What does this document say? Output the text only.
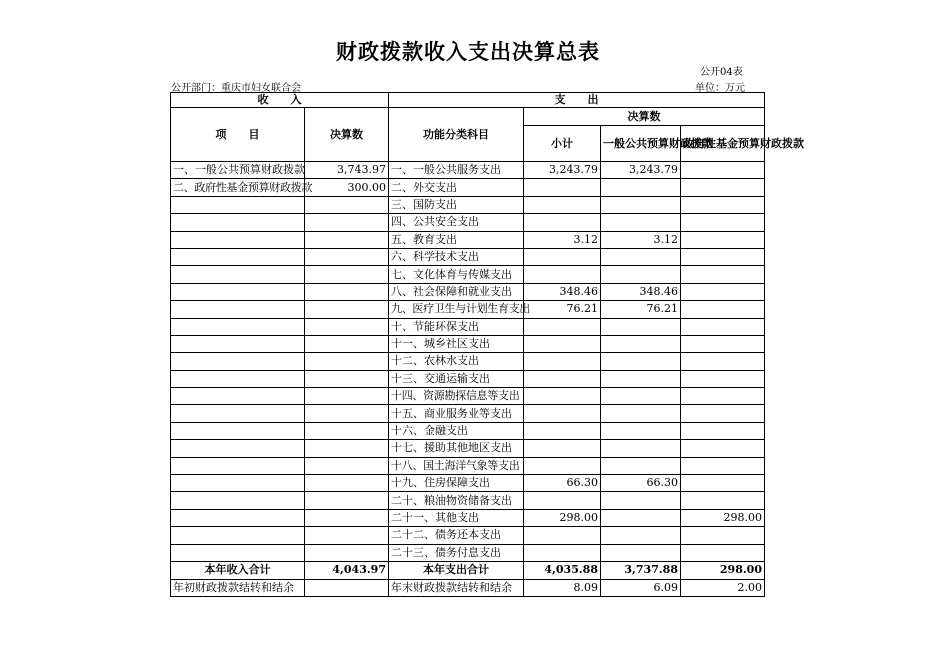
财政拨款收入支出决算总表
公开04表
公开部门：重庆市妇女联合会	单位：万元
收　　入		支　　出			
项　　目	决算数	功能分类科目	决算数		
			小计	一般公共预算财政拨款	政府性基金预算财政拨款

一、一般公共预算财政拨款	3,743.97	一、一般公共服务支出	3,243.79	3,243.79	
二、政府性基金预算财政拨款	300.00	二、外交支出			
		三、国防支出			
		四、公共安全支出			
		五、教育支出	3.12	3.12	
		六、科学技术支出			
		七、文化体育与传媒支出			
		八、社会保障和就业支出	348.46	348.46	
		九、医疗卫生与计划生育支出	76.21	76.21	
		十、节能环保支出			
		十一、城乡社区支出			
		十二、农林水支出			
		十三、交通运输支出			
		十四、资源勘探信息等支出			
		十五、商业服务业等支出			
		十六、金融支出			
		十七、援助其他地区支出			
		十八、国土海洋气象等支出			
		十九、住房保障支出	66.30	66.30	
		二十、粮油物资储备支出			
		二十一、其他支出	298.00		298.00
		二十二、债务还本支出			
		二十三、债务付息支出			
本年收入合计	4,043.97	本年支出合计	4,035.88	3,737.88	298.00
年初财政拨款结转和结余		年末财政拨款结转和结余	8.09	6.09	2.00
